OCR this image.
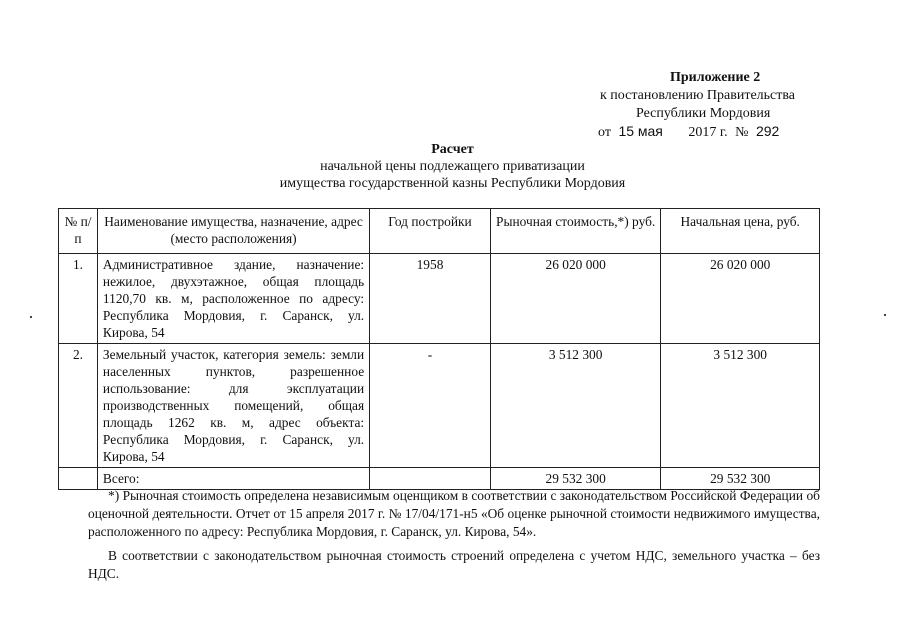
Приложение 2
к постановлению Правительства
Республики Мордовия
от 15 мая 2017 г. № 292
Расчет
начальной цены подлежащего приватизации
имущества государственной казны Республики Мордовия
№ п/п	Наименование имущества, назначение, адрес (место расположения)	Год постройки	Рыночная стоимость,*) руб.	Начальная цена, руб.
1.	Административное здание, назначение: нежилое, двухэтажное, общая площадь 1120,70 кв. м, расположенное по адресу: Республика Мордовия, г. Саранск, ул. Кирова, 54	1958	26 020 000	26 020 000
2.	Земельный участок, категория земель: земли населенных пунктов, разрешенное использование: для эксплуатации производственных помещений, общая площадь 1262 кв. м, адрес объекта: Республика Мордовия, г. Саранск, ул. Кирова, 54	-	3 512 300	3 512 300
	Всего:		29 532 300	29 532 300

*) Рыночная стоимость определена независимым оценщиком в соответствии с законодательством Российской Федерации об оценочной деятельности. Отчет от 15 апреля 2017 г. № 17/04/171-н5 «Об оценке рыночной стоимости недвижимого имущества, расположенного по адресу: Республика Мордовия, г. Саранск, ул. Кирова, 54».

В соответствии с законодательством рыночная стоимость строений определена с учетом НДС, земельного участка – без НДС.
